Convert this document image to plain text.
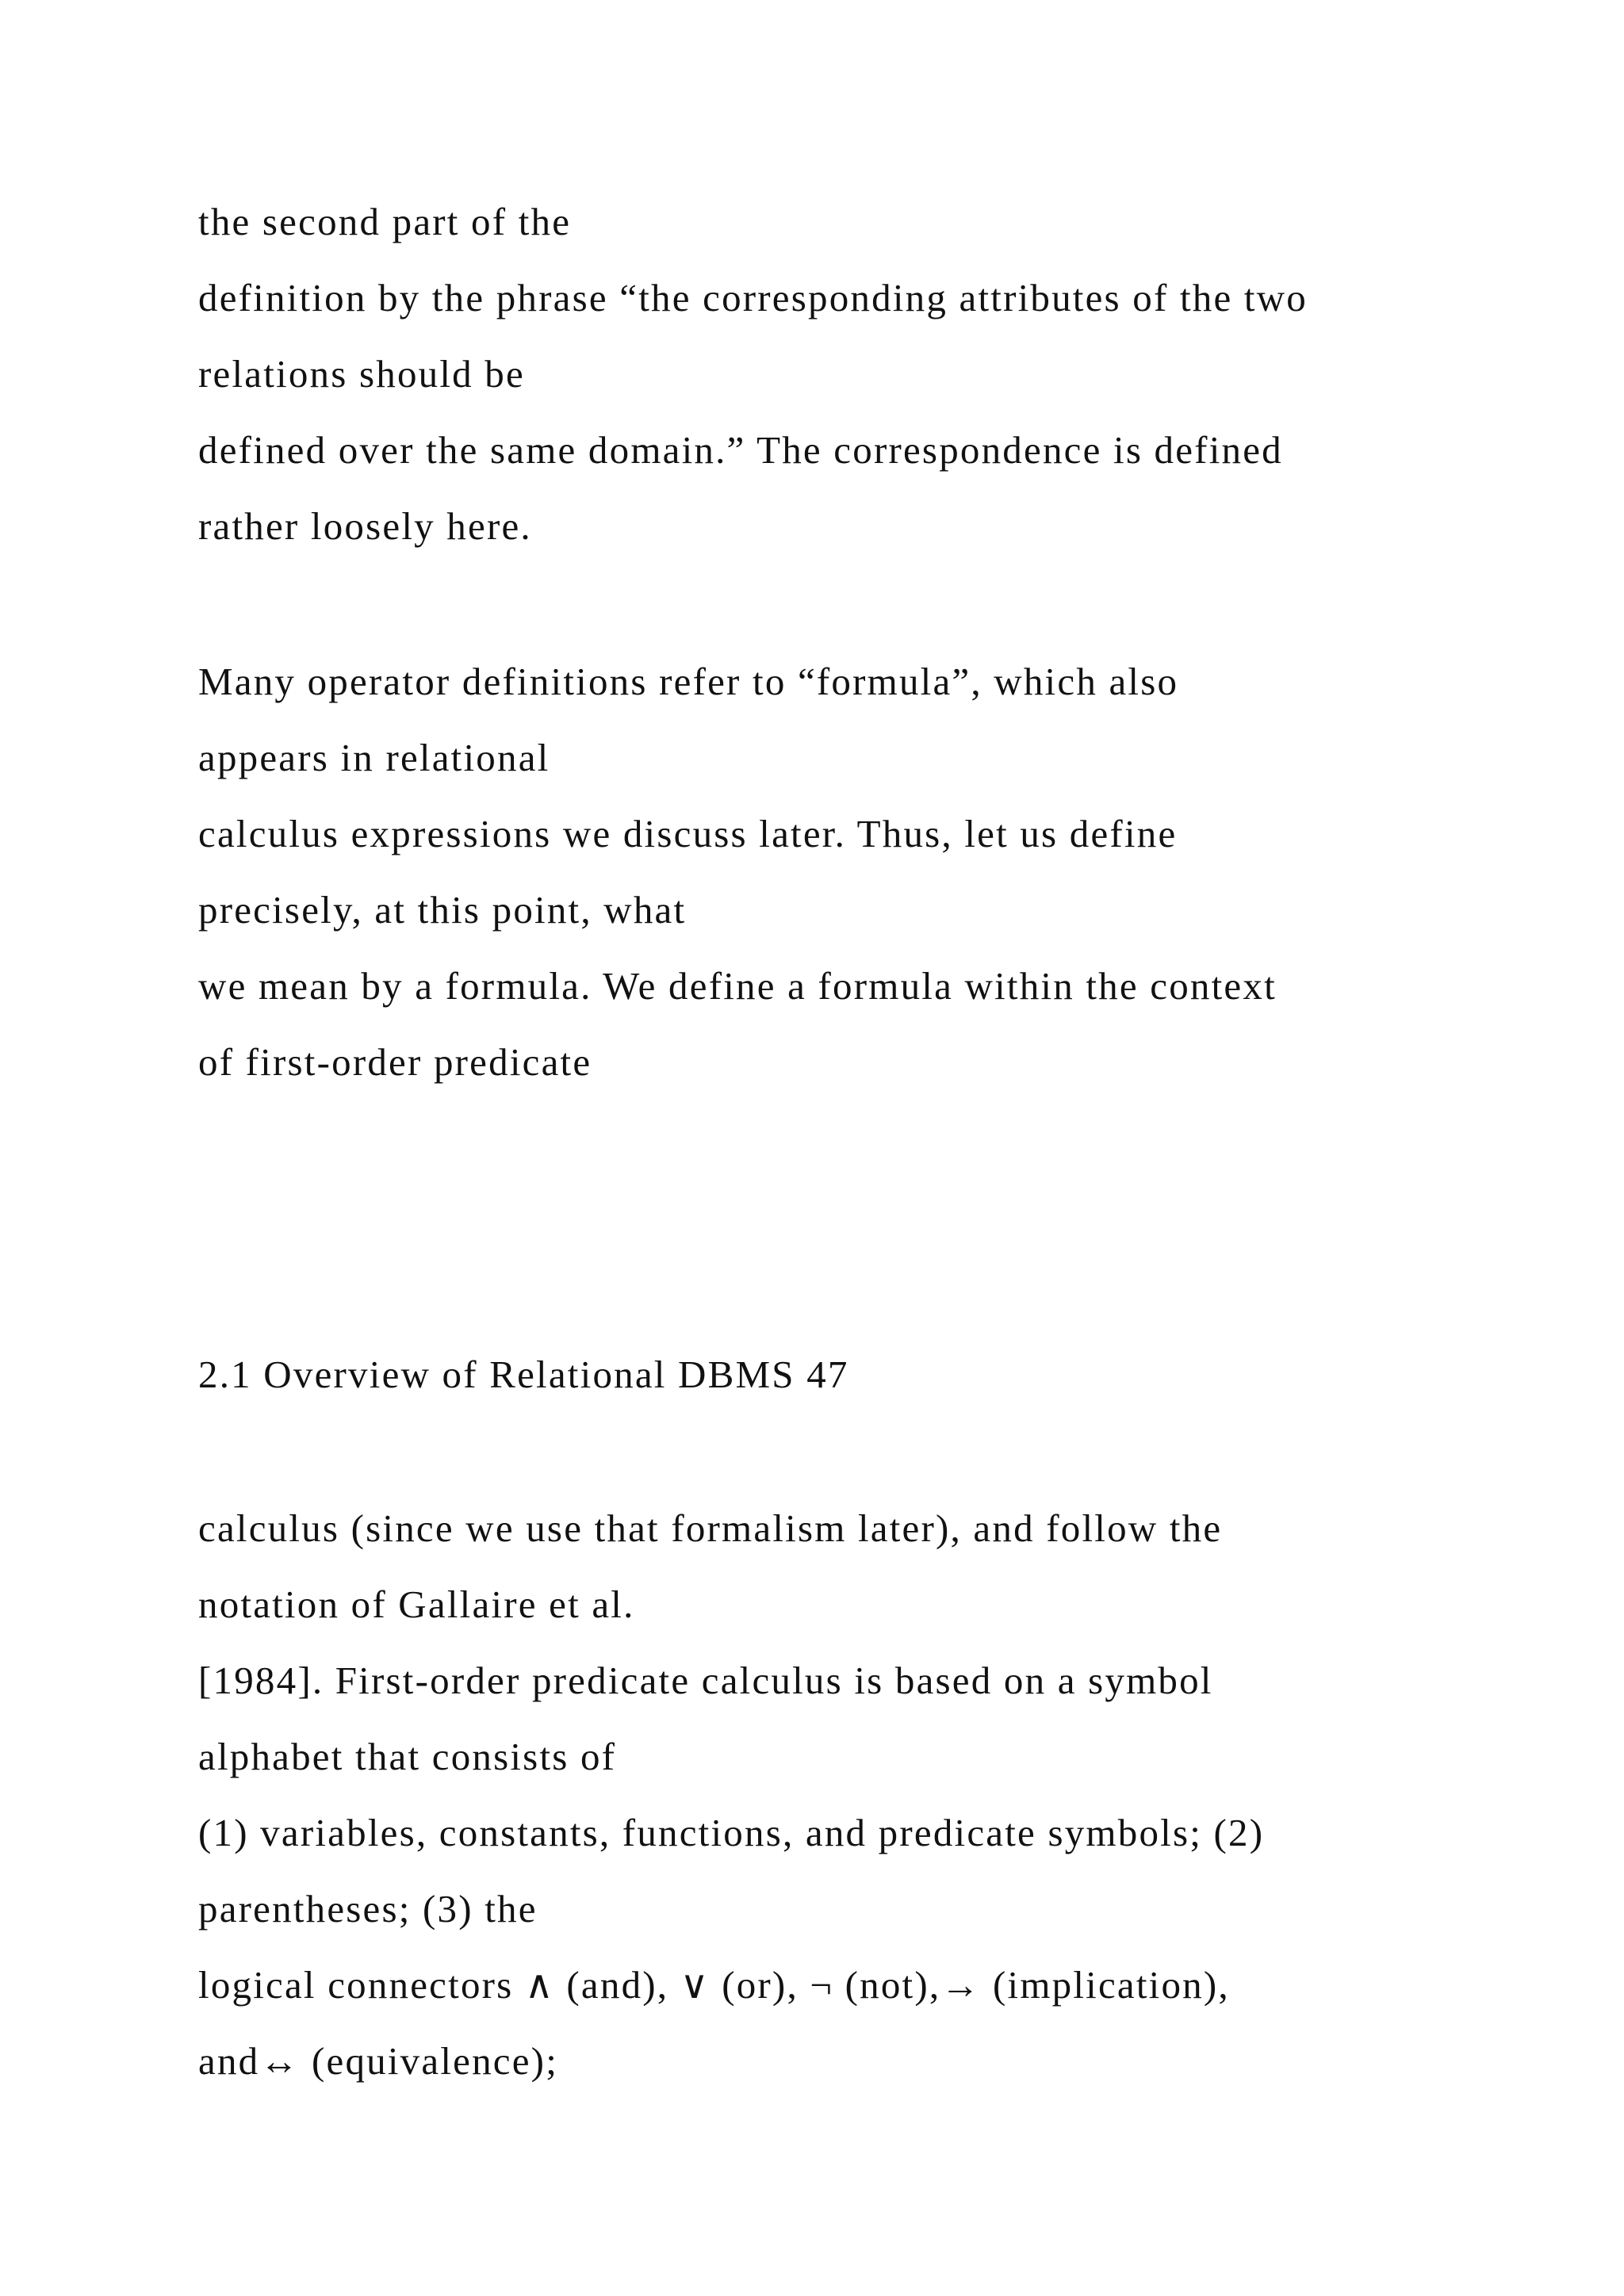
the second part of the
definition by the phrase “the corresponding attributes of the two
relations should be
defined over the same domain.” The correspondence is defined
rather loosely here.
Many operator definitions refer to “formula”, which also
appears in relational
calculus expressions we discuss later. Thus, let us define
precisely, at this point, what
we mean by a formula. We define a formula within the context
of first-order predicate
2.1 Overview of Relational DBMS 47
calculus (since we use that formalism later), and follow the
notation of Gallaire et al.
[1984]. First-order predicate calculus is based on a symbol
alphabet that consists of
(1) variables, constants, functions, and predicate symbols; (2)
parentheses; (3) the
logical connectors ∧ (and), ∨ (or), ¬ (not),→ (implication),
and↔ (equivalence);
